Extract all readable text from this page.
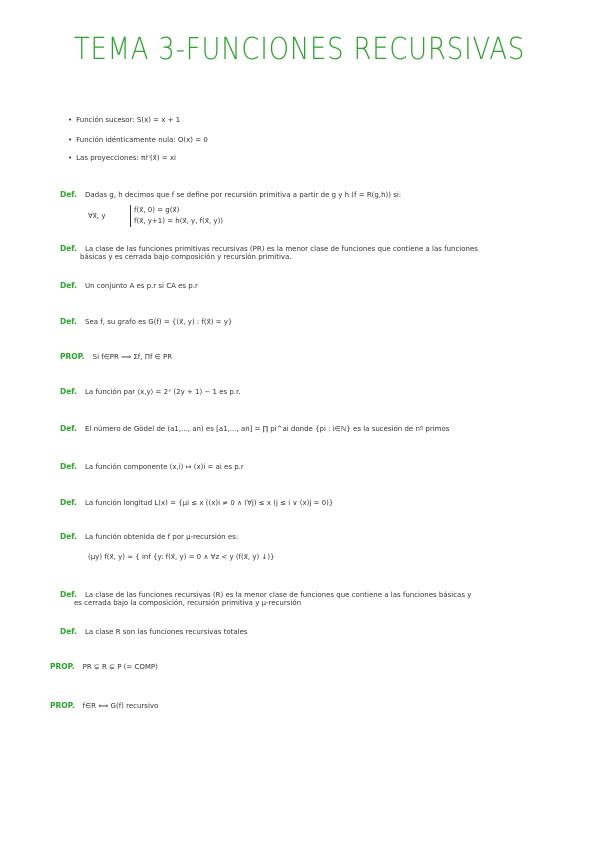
TEMA 3-FUNCIONES RECURSIVAS
• Función sucesor: S(x) = x + 1
• Función idénticamente nula: O(x) = 0
• Las proyecciones: πiⁿ(x⃗) = xi
Def. Dadas g, h decimos que f se define por recursión primitiva a partir de g y h (f = R(g,h)) si:
∀x⃗, y
f(x⃗, 0) = g(x⃗)
f(x⃗, y+1) = h(x⃗, y, f(x⃗, y))
Def. La clase de las funciones primitivas recursivas (PR) es la menor clase de funciones que contiene a las funciones
básicas y es cerrada bajo composición y recursión primitiva.
Def. Un conjunto A es p.r si CA es p.r
Def. Sea f, su grafo es G(f) = {(x⃗, y) : f(x⃗) = y}
PROP. Si f∈PR ⟹ Σf, Πf ∈ PR
Def. La función par ⟨x,y⟩ = 2ˣ (2y + 1) − 1 es p.r.
Def. El número de Gödel de (a1,..., an) es [a1,..., an] = ∏ pi^ai donde {pi : i∈ℕ} es la sucesión de nº primos
Def. La función componente (x,i) ↦ (x)i = ai es p.r
Def. La función longitud L(x) = {μi ≤ x ((x)i ≠ 0 ∧ (∀j) ≤ x (j ≤ i ∨ (x)j = 0)}
Def. La función obtenida de f por μ-recursión es:
(μy) f(x⃗, y) ≈ { inf {y: f(x⃗, y) = 0 ∧ ∀z < y (f(x⃗, y) ↓)}
Def. La clase de las funciones recursivas (R) es la menor clase de funciones que contiene a las funciones básicas y
es cerrada bajo la composición, recursión primitiva y μ-recursión
Def. La clase R son las funciones recursivas totales
PROP. PR ⊊ R ⊊ P (= COMP)
PROP. f∈R ⟺ G(f) recursivo
